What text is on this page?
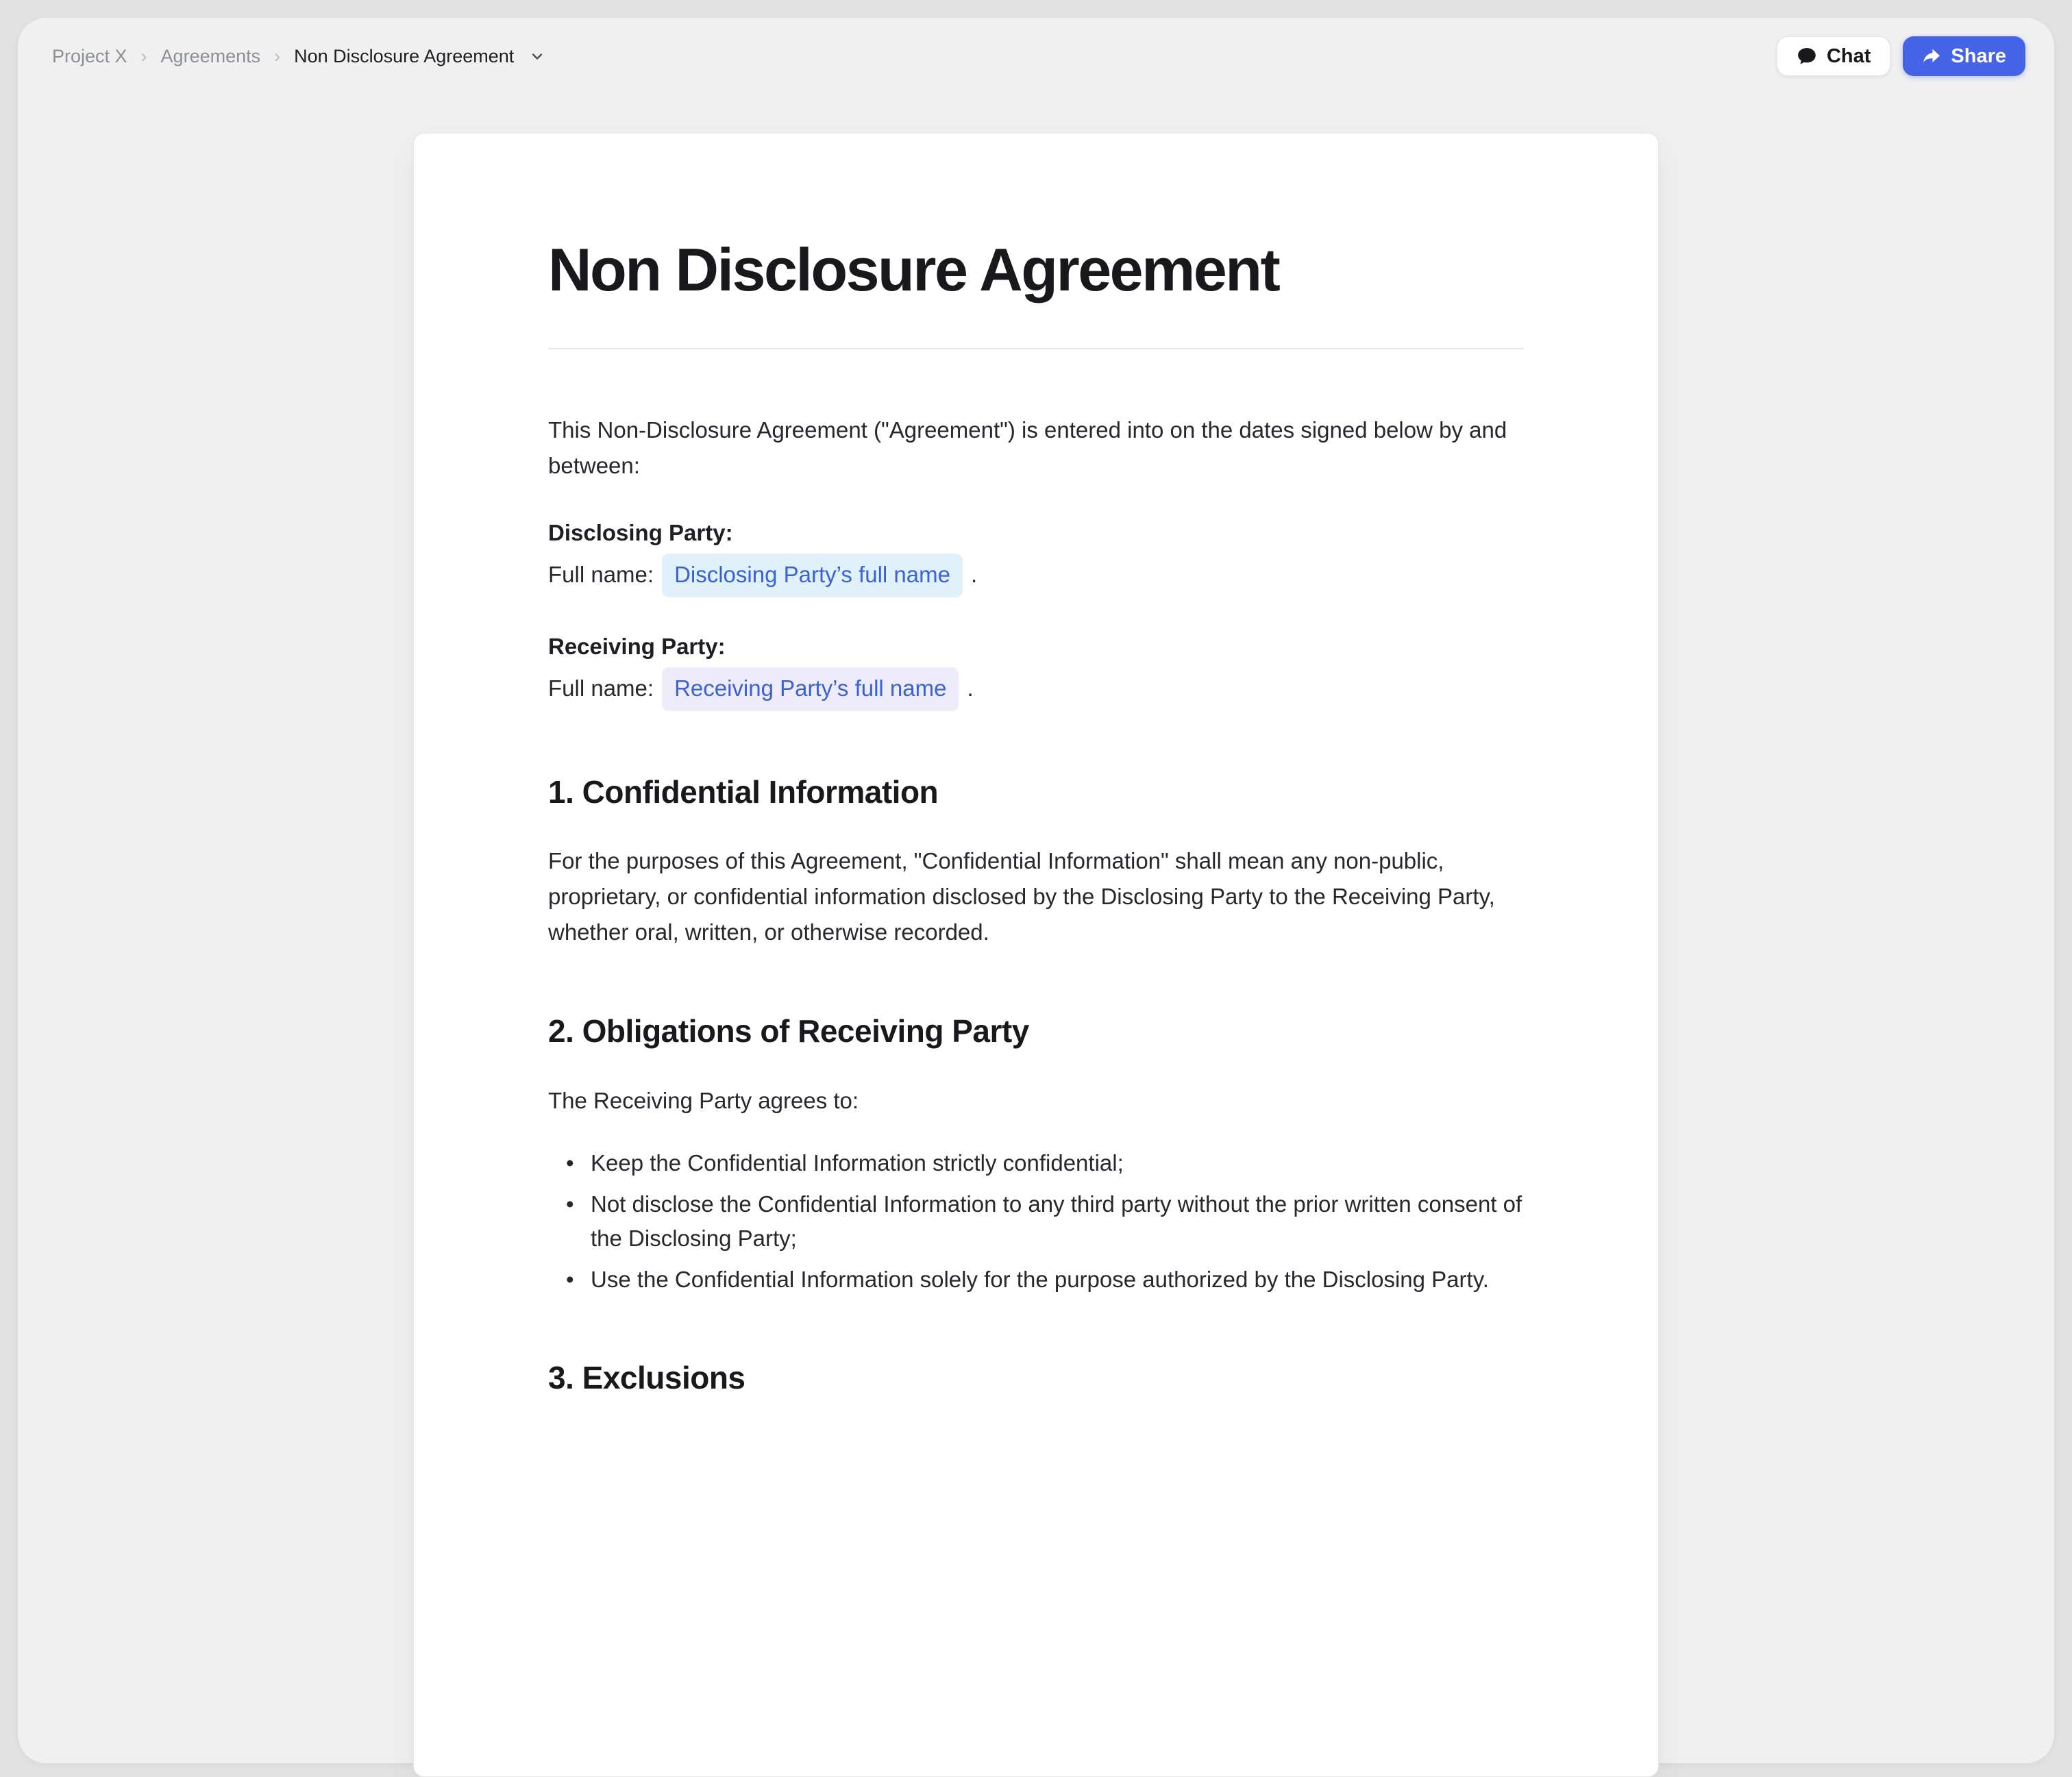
Project X › Agreements › Non Disclosure Agreement	Chat	Share
Non Disclosure Agreement

This Non-Disclosure Agreement ("Agreement") is entered into on the dates signed below by and between:

Disclosing Party:
Full name: Disclosing Party’s full name .

Receiving Party:
Full name: Receiving Party’s full name .

1. Confidential Information

For the purposes of this Agreement, "Confidential Information" shall mean any non-public, proprietary, or confidential information disclosed by the Disclosing Party to the Receiving Party, whether oral, written, or otherwise recorded.

2. Obligations of Receiving Party

The Receiving Party agrees to:

• Keep the Confidential Information strictly confidential;
• Not disclose the Confidential Information to any third party without the prior written consent of the Disclosing Party;
• Use the Confidential Information solely for the purpose authorized by the Disclosing Party.
3. Exclusions
